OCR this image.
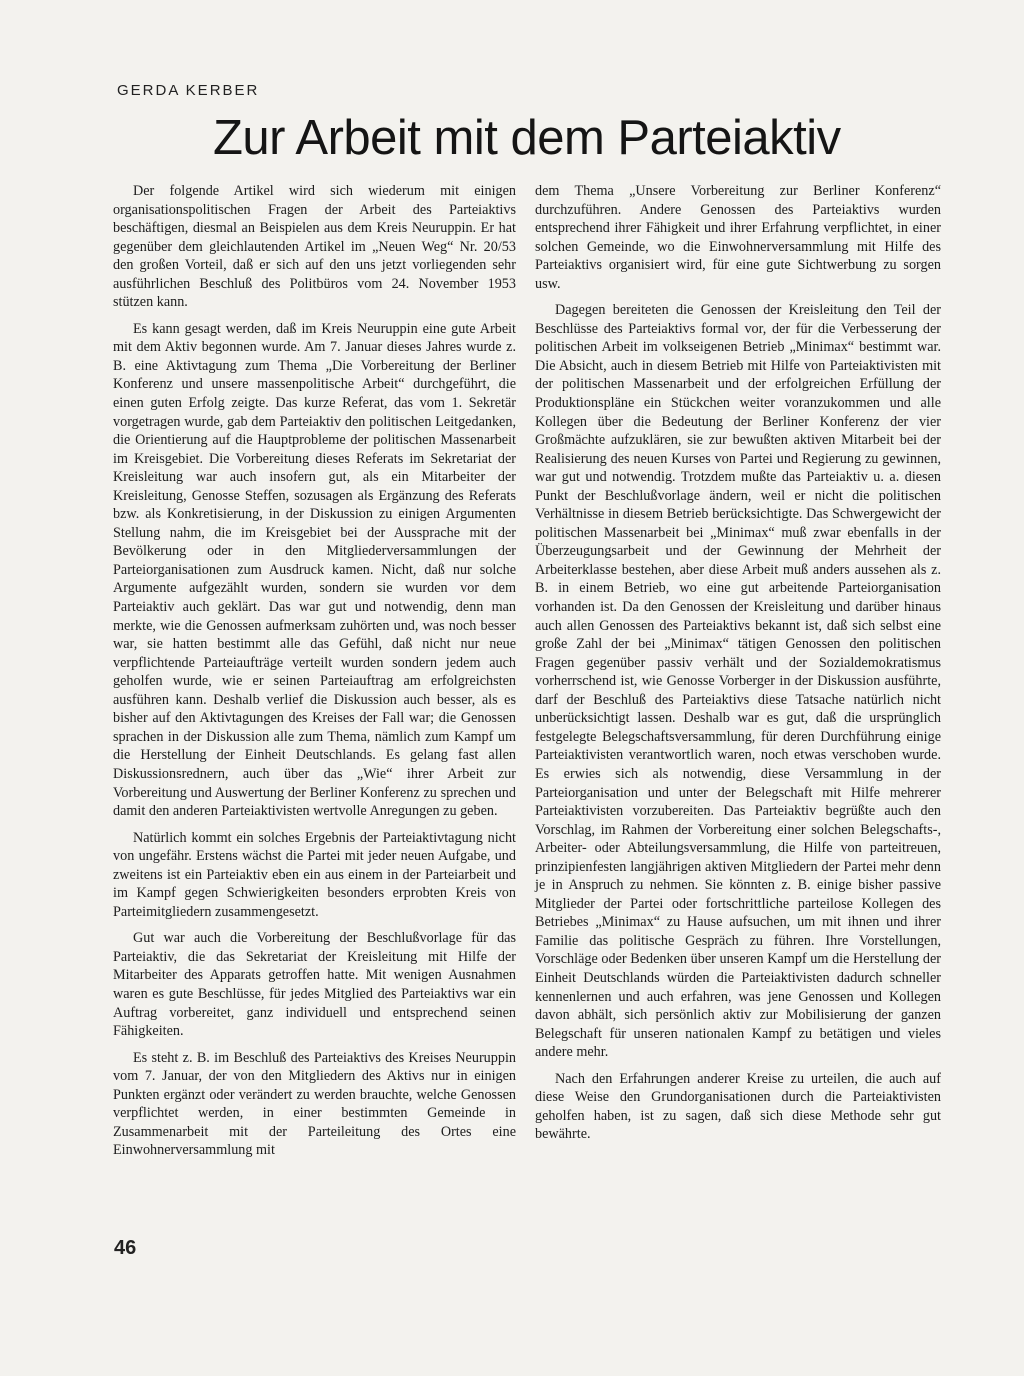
GERDA KERBER
Zur Arbeit mit dem Parteiaktiv

Der folgende Artikel wird sich wiederum mit einigen organisationspolitischen Fragen der Arbeit des Parteiaktivs beschäftigen, diesmal an Beispielen aus dem Kreis Neuruppin. Er hat gegenüber dem gleichlautenden Artikel im „Neuen Weg“ Nr. 20/53 den großen Vorteil, daß er sich auf den uns jetzt vorliegenden sehr ausführlichen Beschluß des Politbüros vom 24. November 1953 stützen kann.

Es kann gesagt werden, daß im Kreis Neuruppin eine gute Arbeit mit dem Aktiv begonnen wurde. Am 7. Januar dieses Jahres wurde z. B. eine Aktivtagung zum Thema „Die Vorbereitung der Berliner Konferenz und unsere massenpolitische Arbeit“ durchgeführt, die einen guten Erfolg zeigte. Das kurze Referat, das vom 1. Sekretär vorgetragen wurde, gab dem Parteiaktiv den politischen Leitgedanken, die Orientierung auf die Hauptprobleme der politischen Massenarbeit im Kreisgebiet. Die Vorbereitung dieses Referats im Sekretariat der Kreisleitung war auch insofern gut, als ein Mitarbeiter der Kreisleitung, Genosse Steffen, sozusagen als Ergänzung des Referats bzw. als Konkretisierung, in der Diskussion zu einigen Argumenten Stellung nahm, die im Kreisgebiet bei der Aussprache mit der Bevölkerung oder in den Mitgliederversammlungen der Parteiorganisationen zum Ausdruck kamen. Nicht, daß nur solche Argumente aufgezählt wurden, sondern sie wurden vor dem Parteiaktiv auch geklärt. Das war gut und notwendig, denn man merkte, wie die Genossen aufmerksam zuhörten und, was noch besser war, sie hatten bestimmt alle das Gefühl, daß nicht nur neue verpflichtende Parteiaufträge verteilt wurden sondern jedem auch geholfen wurde, wie er seinen Parteiauftrag am erfolgreichsten ausführen kann. Deshalb verlief die Diskussion auch besser, als es bisher auf den Aktivtagungen des Kreises der Fall war; die Genossen sprachen in der Diskussion alle zum Thema, nämlich zum Kampf um die Herstellung der Einheit Deutschlands. Es gelang fast allen Diskussionsrednern, auch über das „Wie“ ihrer Arbeit zur Vorbereitung und Auswertung der Berliner Konferenz zu sprechen und damit den anderen Parteiaktivisten wertvolle Anregungen zu geben.

Natürlich kommt ein solches Ergebnis der Parteiaktivtagung nicht von ungefähr. Erstens wächst die Partei mit jeder neuen Aufgabe, und zweitens ist ein Parteiaktiv eben ein aus einem in der Parteiarbeit und im Kampf gegen Schwierigkeiten besonders erprobten Kreis von Parteimitgliedern zusammengesetzt.

Gut war auch die Vorbereitung der Beschlußvorlage für das Parteiaktiv, die das Sekretariat der Kreisleitung mit Hilfe der Mitarbeiter des Apparats getroffen hatte. Mit wenigen Ausnahmen waren es gute Beschlüsse, für jedes Mitglied des Parteiaktivs war ein Auftrag vorbereitet, ganz individuell und entsprechend seinen Fähigkeiten.

Es steht z. B. im Beschluß des Parteiaktivs des Kreises Neuruppin vom 7. Januar, der von den Mitgliedern des Aktivs nur in einigen Punkten ergänzt oder verändert zu werden brauchte, welche Genossen verpflichtet werden, in einer bestimmten Gemeinde in Zusammenarbeit mit der Parteileitung des Ortes eine Einwohnerversammlung mit

dem Thema „Unsere Vorbereitung zur Berliner Konferenz“ durchzuführen. Andere Genossen des Parteiaktivs wurden entsprechend ihrer Fähigkeit und ihrer Erfahrung verpflichtet, in einer solchen Gemeinde, wo die Einwohnerversammlung mit Hilfe des Parteiaktivs organisiert wird, für eine gute Sichtwerbung zu sorgen usw.

Dagegen bereiteten die Genossen der Kreisleitung den Teil der Beschlüsse des Parteiaktivs formal vor, der für die Verbesserung der politischen Arbeit im volkseigenen Betrieb „Minimax“ bestimmt war. Die Absicht, auch in diesem Betrieb mit Hilfe von Parteiaktivisten mit der politischen Massenarbeit und der erfolgreichen Erfüllung der Produktionspläne ein Stückchen weiter voranzukommen und alle Kollegen über die Bedeutung der Berliner Konferenz der vier Großmächte aufzuklären, sie zur bewußten aktiven Mitarbeit bei der Realisierung des neuen Kurses von Partei und Regierung zu gewinnen, war gut und notwendig. Trotzdem mußte das Parteiaktiv u. a. diesen Punkt der Beschlußvorlage ändern, weil er nicht die politischen Verhältnisse in diesem Betrieb berücksichtigte. Das Schwergewicht der politischen Massenarbeit bei „Minimax“ muß zwar ebenfalls in der Überzeugungsarbeit und der Gewinnung der Mehrheit der Arbeiterklasse bestehen, aber diese Arbeit muß anders aussehen als z. B. in einem Betrieb, wo eine gut arbeitende Parteiorganisation vorhanden ist. Da den Genossen der Kreisleitung und darüber hinaus auch allen Genossen des Parteiaktivs bekannt ist, daß sich selbst eine große Zahl der bei „Minimax“ tätigen Genossen den politischen Fragen gegenüber passiv verhält und der Sozialdemokratismus vorherrschend ist, wie Genosse Vorberger in der Diskussion ausführte, darf der Beschluß des Parteiaktivs diese Tatsache natürlich nicht unberücksichtigt lassen. Deshalb war es gut, daß die ursprünglich festgelegte Belegschaftsversammlung, für deren Durchführung einige Parteiaktivisten verantwortlich waren, noch etwas verschoben wurde. Es erwies sich als notwendig, diese Versammlung in der Parteiorganisation und unter der Belegschaft mit Hilfe mehrerer Parteiaktivisten vorzubereiten. Das Parteiaktiv begrüßte auch den Vorschlag, im Rahmen der Vorbereitung einer solchen Belegschafts-, Arbeiter- oder Abteilungsversammlung, die Hilfe von parteitreuen, prinzipienfesten langjährigen aktiven Mitgliedern der Partei mehr denn je in Anspruch zu nehmen. Sie könnten z. B. einige bisher passive Mitglieder der Partei oder fortschrittliche parteilose Kollegen des Betriebes „Minimax“ zu Hause aufsuchen, um mit ihnen und ihrer Familie das politische Gespräch zu führen. Ihre Vorstellungen, Vorschläge oder Bedenken über unseren Kampf um die Herstellung der Einheit Deutschlands würden die Parteiaktivisten dadurch schneller kennenlernen und auch erfahren, was jene Genossen und Kollegen davon abhält, sich persönlich aktiv zur Mobilisierung der ganzen Belegschaft für unseren nationalen Kampf zu betätigen und vieles andere mehr.

Nach den Erfahrungen anderer Kreise zu urteilen, die auch auf diese Weise den Grundorganisationen durch die Parteiaktivisten geholfen haben, ist zu sagen, daß sich diese Methode sehr gut bewährte.

46
